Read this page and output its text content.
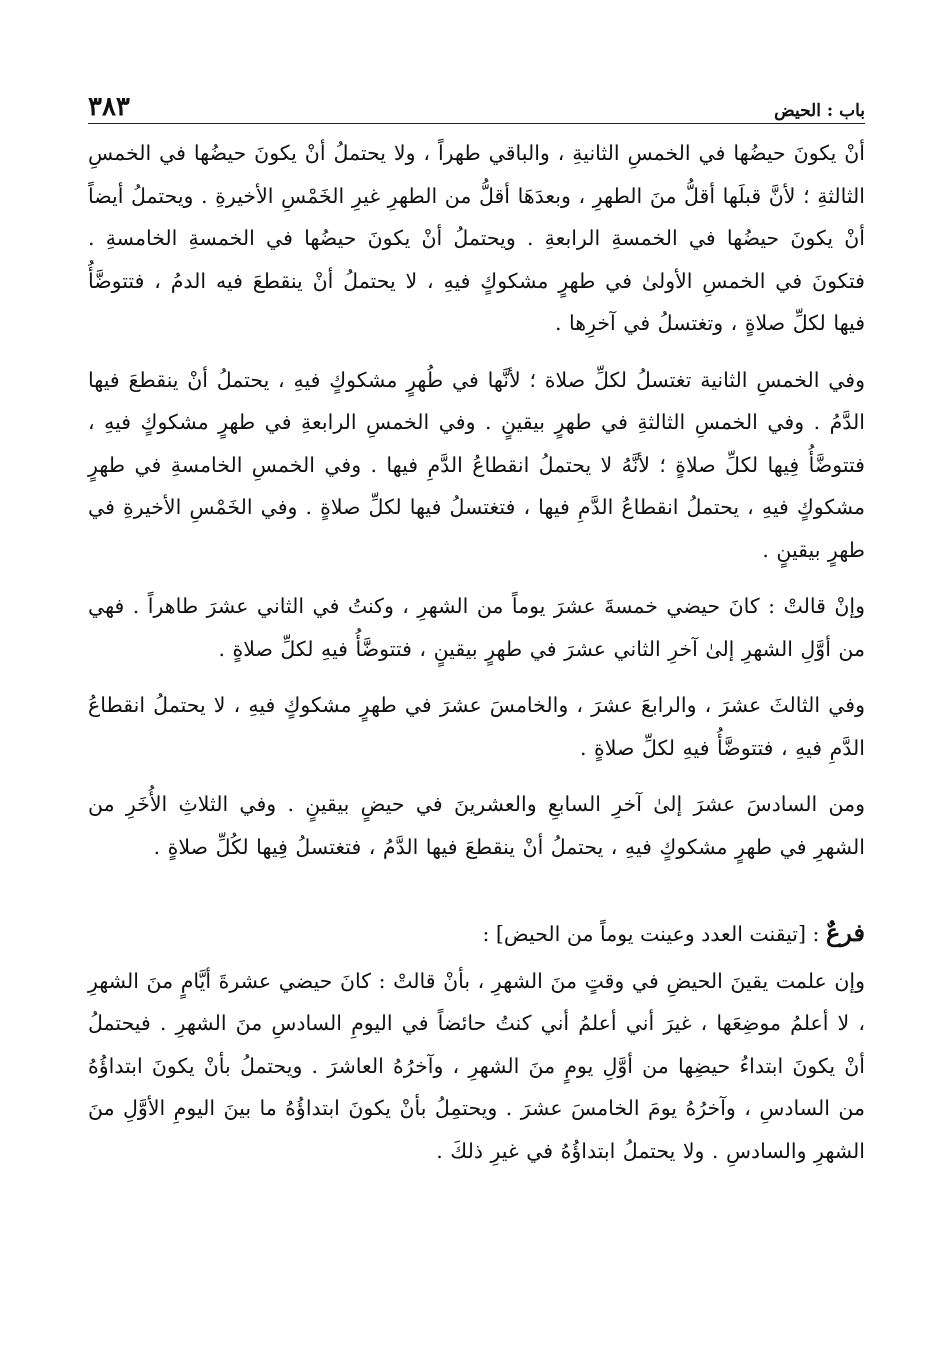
باب : الحيض
٣٨٣

أنْ يكونَ حيضُها في الخمسِ الثانيةِ ، والباقي طهراً ، ولا يحتملُ أنْ يكونَ حيضُها في الخمسِ الثالثةِ ؛ لأنَّ قبلَها أقلُّ منَ الطهرِ ، وبعدَهَا أقلُّ من الطهرِ غيرِ الخَمْسِ الأخيرةِ . ويحتملُ أيضاً أنْ يكونَ حيضُها في الخمسةِ الرابعةِ . ويحتملُ أنْ يكونَ حيضُها في الخمسةِ الخامسةِ . فتكونَ في الخمسِ الأولىٰ في طهرٍ مشكوكٍ فيهِ ، لا يحتملُ أنْ ينقطعَ فيه الدمُ ، فتتوضَّأُ فيها لكلِّ صلاةٍ ، وتغتسلُ في آخرِها .

وفي الخمسِ الثانية تغتسلُ لكلِّ صلاة ؛ لأنَّها في طُهرٍ مشكوكٍ فيهِ ، يحتملُ أنْ ينقطعَ فيها الدَّمُ . وفي الخمسِ الثالثةِ في طهرٍ بيقينٍ . وفي الخمسِ الرابعةِ في طهرٍ مشكوكٍ فيهِ ، فتتوضَّأُ فِيها لكلِّ صلاةٍ ؛ لأنَّهُ لا يحتملُ انقطاعُ الدَّمِ فيها . وفي الخمسِ الخامسةِ في طهرٍ مشكوكٍ فيهِ ، يحتملُ انقطاعُ الدَّمِ فيها ، فتغتسلُ فيها لكلِّ صلاةٍ . وفي الخَمْسِ الأخيرةِ في طهرٍ بيقينٍ .

وإنْ قالتْ : كانَ حيضي خمسةَ عشرَ يوماً من الشهرِ ، وكنتُ في الثاني عشرَ طاهراً . فهي من أوَّلِ الشهرِ إلىٰ آخرِ الثاني عشرَ في طهرٍ بيقينٍ ، فتتوضَّأُ فيهِ لكلِّ صلاةٍ .

وفي الثالثَ عشرَ ، والرابعَ عشرَ ، والخامسَ عشرَ في طهرٍ مشكوكٍ فيهِ ، لا يحتملُ انقطاعُ الدَّمِ فيهِ ، فتتوضَّأُ فيهِ لكلِّ صلاةٍ .

ومن السادسَ عشرَ إلىٰ آخرِ السابعِ والعشرينَ في حيضٍ بيقينٍ . وفي الثلاثِ الأُخَرِ من الشهرِ في طهرٍ مشكوكٍ فيهِ ، يحتملُ أنْ ينقطعَ فيها الدَّمُ ، فتغتسلُ فِيها لكُلِّ صلاةٍ .

فرعٌ : [تيقنت العدد وعينت يوماً من الحيض] :

وإن علمت يقينَ الحيضِ في وقتٍ منَ الشهرِ ، بأنْ قالتْ : كانَ حيضي عشرةَ أيَّامٍ منَ الشهرِ ، لا أعلمُ موضِعَها ، غيرَ أني أعلمُ أني كنتُ حائضاً في اليومِ السادسِ منَ الشهرِ . فيحتملُ أنْ يكونَ ابتداءُ حيضِها من أوَّلِ يومٍ منَ الشهرِ ، وآخرُهُ العاشرَ . ويحتملُ بأنْ يكونَ ابتداؤُهُ من السادسِ ، وآخرُهُ يومَ الخامسَ عشرَ . ويحتمِلُ بأنْ يكونَ ابتداؤُهُ ما بينَ اليومِ الأوَّلِ منَ الشهرِ والسادسِ . ولا يحتملُ ابتداؤُهُ في غيرِ ذلكَ .
